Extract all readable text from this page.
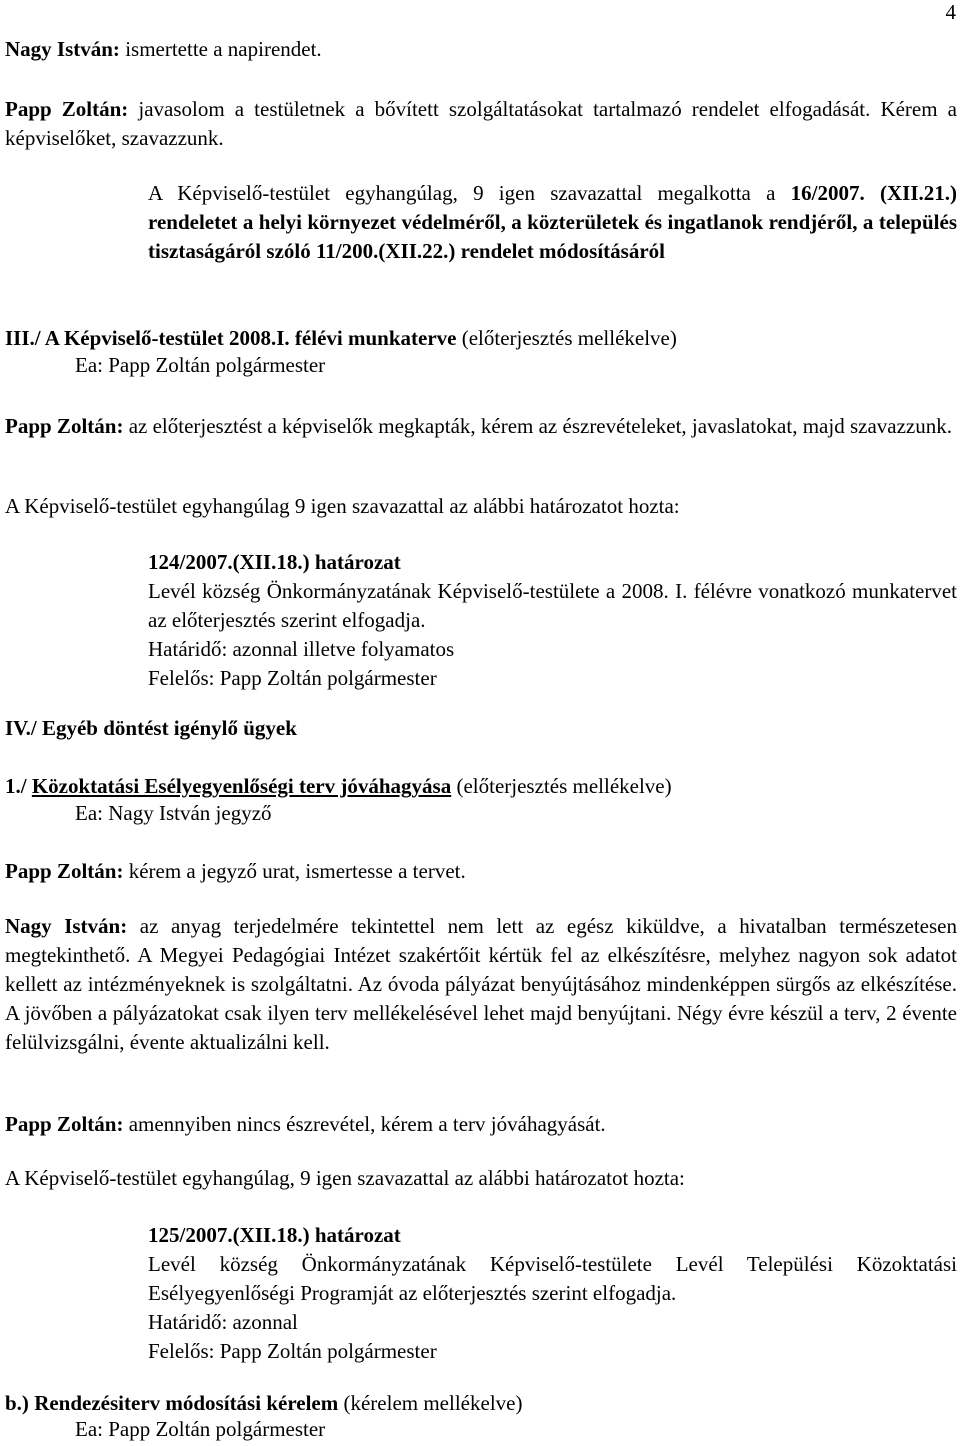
4
Nagy István: ismertette a napirendet.
Papp Zoltán: javasolom a testületnek a bővített szolgáltatásokat tartalmazó rendelet elfogadását. Kérem a képviselőket, szavazzunk.
A Képviselő-testület egyhangúlag, 9 igen szavazattal megalkotta a 16/2007. (XII.21.) rendeletet a helyi környezet védelméről, a közterületek és ingatlanok rendjéről, a település tisztaságáról szóló 11/200.(XII.22.) rendelet módosításáról
III./ A Képviselő-testület 2008.I. félévi munkaterve (előterjesztés mellékelve)
Ea: Papp Zoltán polgármester
Papp Zoltán: az előterjesztést a képviselők megkapták, kérem az észrevételeket, javaslatokat, majd szavazzunk.
A Képviselő-testület egyhangúlag 9 igen szavazattal az alábbi határozatot hozta:
124/2007.(XII.18.) határozat
Levél község Önkormányzatának Képviselő-testülete a 2008. I. félévre vonatkozó munkatervet az előterjesztés szerint elfogadja.
Határidő: azonnal illetve folyamatos
Felelős: Papp Zoltán polgármester
IV./ Egyéb döntést igénylő ügyek
1./ Közoktatási Esélyegyenlőségi terv jóváhagyása (előterjesztés mellékelve)
Ea: Nagy István jegyző
Papp Zoltán: kérem a jegyző urat, ismertesse a tervet.
Nagy István: az anyag terjedelmére tekintettel nem lett az egész kiküldve, a hivatalban természetesen megtekinthető. A Megyei Pedagógiai Intézet szakértőit kértük fel az elkészítésre, melyhez nagyon sok adatot kellett az intézményeknek is szolgáltatni. Az óvoda pályázat benyújtásához mindenképpen sürgős az elkészítése. A jövőben a pályázatokat csak ilyen terv mellékelésével lehet majd benyújtani. Négy évre készül a terv, 2 évente felülvizsgálni, évente aktualizálni kell.
Papp Zoltán: amennyiben nincs észrevétel, kérem a terv jóváhagyását.
A Képviselő-testület egyhangúlag, 9 igen szavazattal az alábbi határozatot hozta:
125/2007.(XII.18.) határozat
Levél község Önkormányzatának Képviselő-testülete Levél Települési Közoktatási Esélyegyenlőségi Programját az előterjesztés szerint elfogadja.
Határidő: azonnal
Felelős: Papp Zoltán polgármester
b.) Rendezésiterv módosítási kérelem (kérelem mellékelve)
Ea: Papp Zoltán polgármester
